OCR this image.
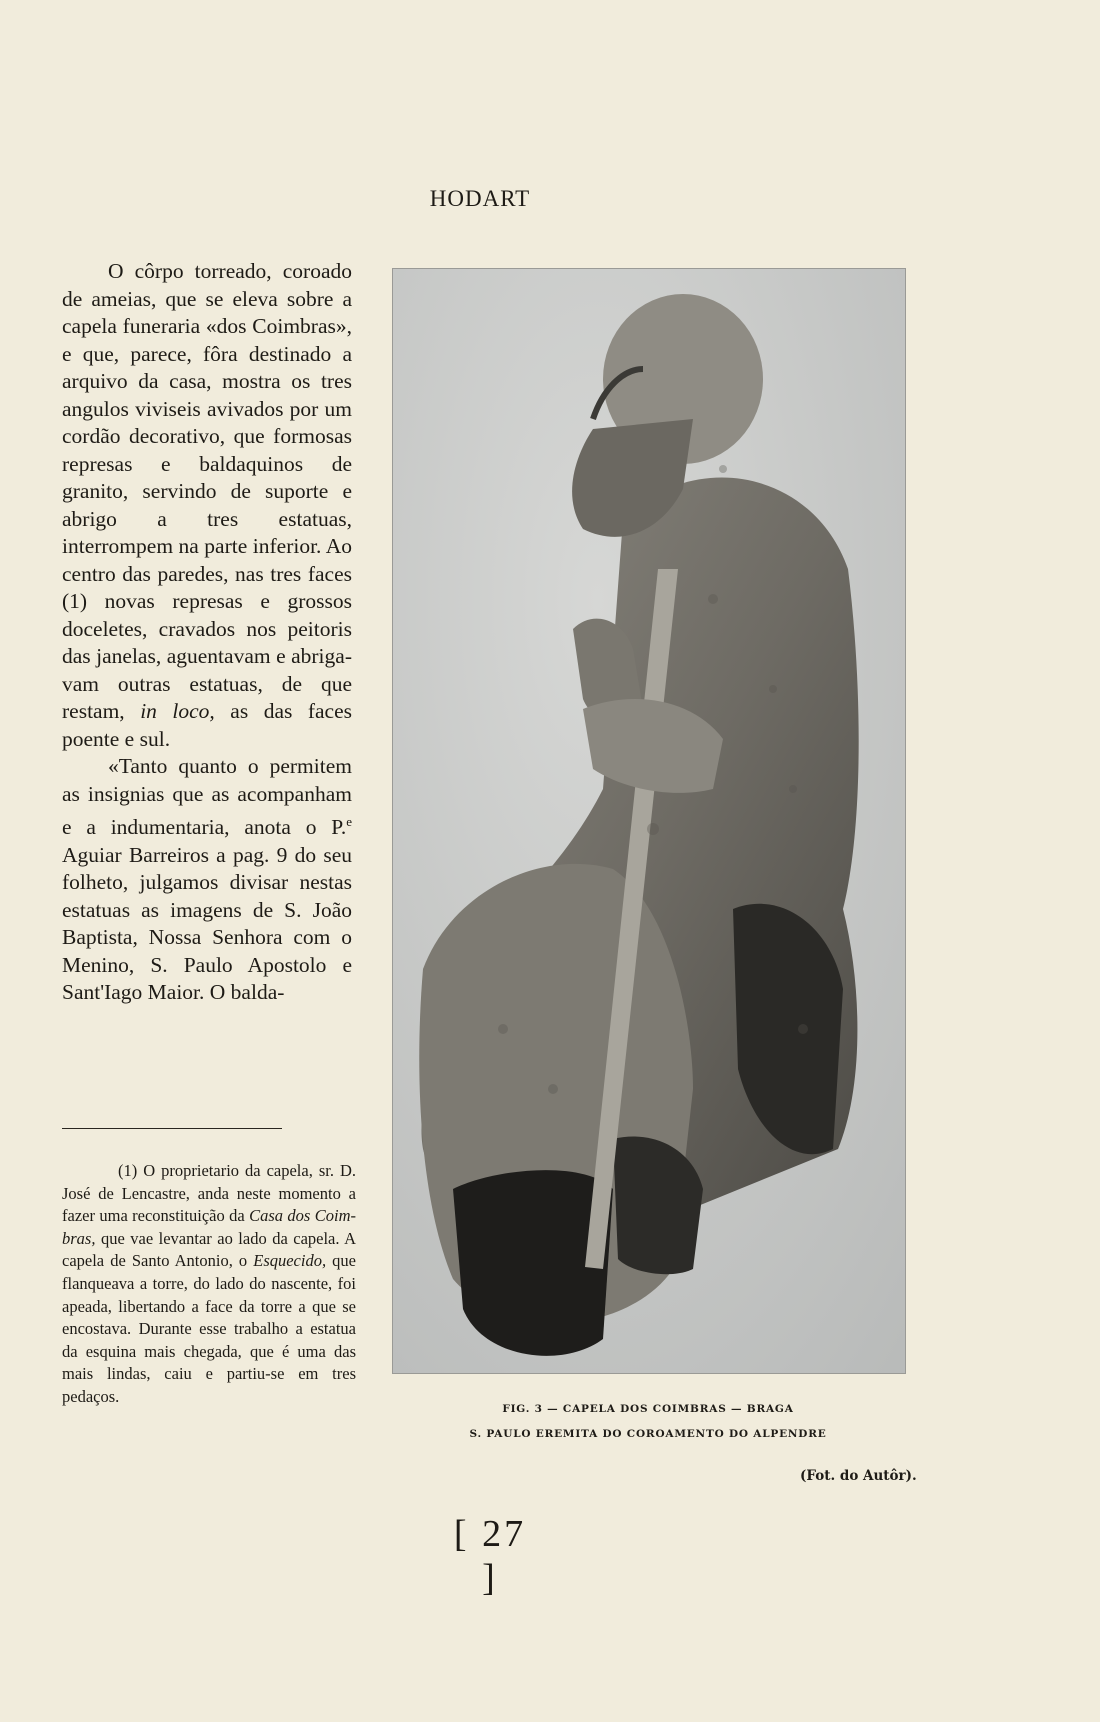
HODART

O côrpo torreado, coroado de ameias, que se eleva sobre a capela funeraria «dos Coimbras», e que, parece, fôra destinado a arquivo da casa, mostra os tres angulos viviseis avivados por um cordão decorativo, que formosas represas e baldaquinos de granito, servindo de suporte e abrigo a tres estatuas, interrompem na parte inferior. Ao centro das paredes, nas tres faces (1) novas represas e grossos doceletes, cravados nos peitoris das janelas, aguentavam e abrigavam outras estatuas, de que restam, in loco, as das faces poente e sul.

«Tanto quanto o permitem as insignias que as acompanham e a indumentaria, anota o P.$^e$ Aguiar Barreiros a pag. 9 do seu folheto, julgamos divisar nestas estatuas as imagens de S. João Baptista, Nossa Senhora com o Menino, S. Paulo Apostolo e Sant'Iago Maior. O balda-

(1) O proprietario da capela, sr. D. José de Lencastre, anda neste momento a fazer uma reconstituição da Casa dos Coimbras, que vae levantar ao lado da capela. A capela de Santo Antonio, o Esquecido, que flanqueava a torre, do lado do nascente, foi apeada, libertando a face da torre a que se encostava. Durante esse trabalho a estatua da esquina mais chegada, que é uma das mais lindas, caiu e partiu-se em tres pedaços.

FIG. 3 — CAPELA DOS COIMBRAS — BRAGA
S. PAULO EREMITA DO COROAMENTO DO ALPENDRE
(Fot. do Autôr).
[ 27 ]
